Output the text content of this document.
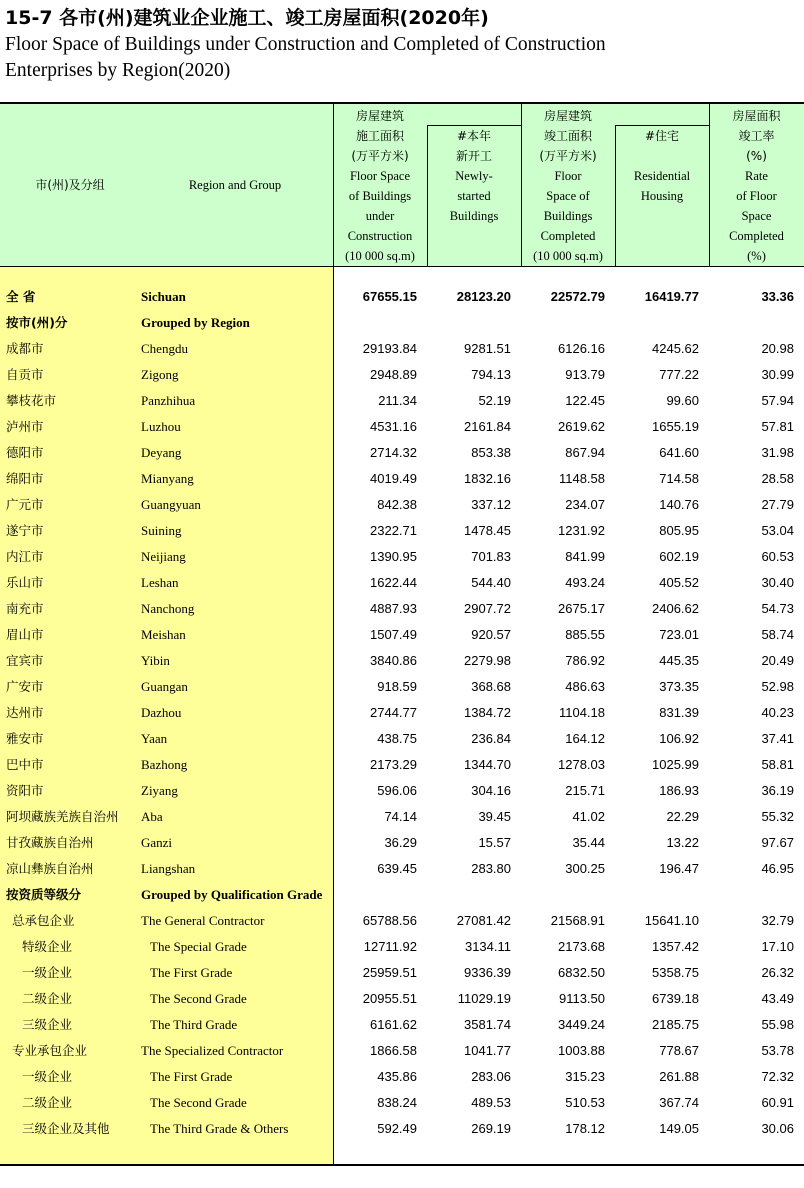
15-7 各市(州)建筑业企业施工、竣工房屋面积(2020年)
Floor Space of Buildings under Construction and Completed of Construction
Enterprises by Region(2020)
市(州)及分组	Region and Group
房屋建筑
施工面积
(万平方米)
Floor Space
of Buildings
under
Construction
(10 000 sq.m)
#本年
新开工
Newly-
started
Buildings
房屋建筑
竣工面积
(万平方米)
Floor
Space of
Buildings
Completed
(10 000 sq.m)
#住宅
Residential
Housing
房屋面积
竣工率
(%)
Rate
of Floor
Space
Completed
(%)
全 省	Sichuan	67655.15	28123.20	22572.79	16419.77	33.36
按市(州)分	Grouped by Region
成都市	Chengdu	29193.84	9281.51	6126.16	4245.62	20.98
自贡市	Zigong	2948.89	794.13	913.79	777.22	30.99
攀枝花市	Panzhihua	211.34	52.19	122.45	99.60	57.94
泸州市	Luzhou	4531.16	2161.84	2619.62	1655.19	57.81
德阳市	Deyang	2714.32	853.38	867.94	641.60	31.98
绵阳市	Mianyang	4019.49	1832.16	1148.58	714.58	28.58
广元市	Guangyuan	842.38	337.12	234.07	140.76	27.79
遂宁市	Suining	2322.71	1478.45	1231.92	805.95	53.04
内江市	Neijiang	1390.95	701.83	841.99	602.19	60.53
乐山市	Leshan	1622.44	544.40	493.24	405.52	30.40
南充市	Nanchong	4887.93	2907.72	2675.17	2406.62	54.73
眉山市	Meishan	1507.49	920.57	885.55	723.01	58.74
宜宾市	Yibin	3840.86	2279.98	786.92	445.35	20.49
广安市	Guangan	918.59	368.68	486.63	373.35	52.98
达州市	Dazhou	2744.77	1384.72	1104.18	831.39	40.23
雅安市	Yaan	438.75	236.84	164.12	106.92	37.41
巴中市	Bazhong	2173.29	1344.70	1278.03	1025.99	58.81
资阳市	Ziyang	596.06	304.16	215.71	186.93	36.19
阿坝藏族羌族自治州 Aba	74.14	39.45	41.02	22.29	55.32
甘孜藏族自治州	Ganzi	36.29	15.57	35.44	13.22	97.67
凉山彝族自治州	Liangshan	639.45	283.80	300.25	196.47	46.95
按资质等级分	Grouped by Qualification Grade
总承包企业	The General Contractor	65788.56	27081.42	21568.91	15641.10	32.79
特级企业	The Special Grade	12711.92	3134.11	2173.68	1357.42	17.10
一级企业	The First Grade	25959.51	9336.39	6832.50	5358.75	26.32
二级企业	The Second Grade	20955.51	11029.19	9113.50	6739.18	43.49
三级企业	The Third Grade	6161.62	3581.74	3449.24	2185.75	55.98
专业承包企业	The Specialized Contractor	1866.58	1041.77	1003.88	778.67	53.78
一级企业	The First Grade	435.86	283.06	315.23	261.88	72.32
二级企业	The Second Grade	838.24	489.53	510.53	367.74	60.91
三级企业及其他	The Third Grade & Others	592.49	269.19	178.12	149.05	30.06
